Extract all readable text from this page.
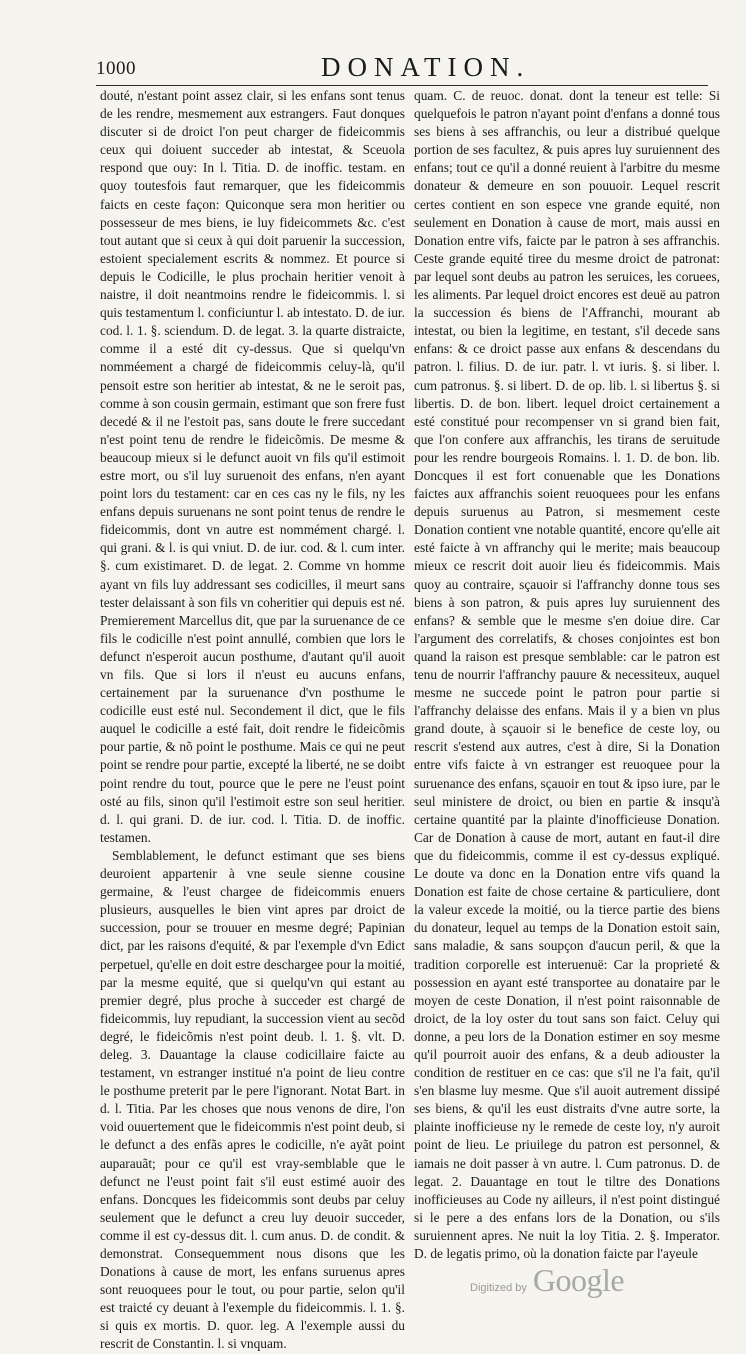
1000	DONATION.

douté, n'estant point assez clair, si les enfans sont tenus de les rendre, mesmement aux estrangers. Faut donques discuter si de droict l'on peut charger de fideicommis ceux qui doiuent succeder ab intestat, & Sceuola respond que ouy: In l. Titia. D. de inoffic. testam. en quoy toutesfois faut remarquer, que les fideicommis faicts en ceste façon: Quiconque sera mon heritier ou possesseur de mes biens, ie luy fideicommets &c. c'est tout autant que si ceux à qui doit paruenir la succession, estoient specialement escrits & nommez. Et pource si depuis le Codicille, le plus prochain heritier venoit à naistre, il doit neantmoins rendre le fideicommis. l. si quis testamentum l. conficiuntur l. ab intestato. D. de iur. cod. l. 1. §. sciendum. D. de legat. 3. la quarte distraicte, comme il a esté dit cy-dessus. Que si quelqu'vn nomméement a chargé de fideicommis celuy-là, qu'il pensoit estre son heritier ab intestat, & ne le seroit pas, comme à son cousin germain, estimant que son frere fust decedé & il ne l'estoit pas, sans doute le frere succedant n'est point tenu de rendre le fideicõmis. De mesme & beaucoup mieux si le defunct auoit vn fils qu'il estimoit estre mort, ou s'il luy suruenoit des enfans, n'en ayant point lors du testament: car en ces cas ny le fils, ny les enfans depuis suruenans ne sont point tenus de rendre le fideicommis, dont vn autre est nommément chargé. l. qui grani. & l. is qui vniut. D. de iur. cod. & l. cum inter. §. cum existimaret. D. de legat. 2. Comme vn homme ayant vn fils luy addressant ses codicilles, il meurt sans tester delaissant à son fils vn coheritier qui depuis est né. Premierement Marcellus dit, que par la suruenance de ce fils le codicille n'est point annullé, combien que lors le defunct n'esperoit aucun posthume, d'autant qu'il auoit vn fils. Que si lors il n'eust eu aucuns enfans, certainement par la suruenance d'vn posthume le codicille eust esté nul. Secondement il dict, que le fils auquel le codicille a esté fait, doit rendre le fideicõmis pour partie, & nõ point le posthume. Mais ce qui ne peut point se rendre pour partie, excepté la liberté, ne se doibt point rendre du tout, pource que le pere ne l'eust point osté au fils, sinon qu'il l'estimoit estre son seul heritier. d. l. qui grani. D. de iur. cod. l. Titia. D. de inoffic. testamen.

Semblablement, le defunct estimant que ses biens deuroient appartenir à vne seule sienne cousine germaine, & l'eust chargee de fideicommis enuers plusieurs, ausquelles le bien vint apres par droict de succession, pour se trouuer en mesme degré; Papinian dict, par les raisons d'equité, & par l'exemple d'vn Edict perpetuel, qu'elle en doit estre deschargee pour la moitié, par la mesme equité, que si quelqu'vn qui estant au premier degré, plus proche à succeder est chargé de fideicommis, luy repudiant, la succession vient au secõd degré, le fideicõmis n'est point deub. l. 1. §. vlt. D. deleg. 3. Dauantage la clause codicillaire faicte au testament, vn estranger institué n'a point de lieu contre le posthume preterit par le pere l'ignorant. Notat Bart. in d. l. Titia. Par les choses que nous venons de dire, l'on void ouuertement que le fideicommis n'est point deub, si le defunct a des enfãs apres le codicille, n'e ayãt point auparauãt; pour ce qu'il est vray-semblable que le defunct ne l'eust point fait s'il eust estimé auoir des enfans. Doncques les fideicommis sont deubs par celuy seulement que le defunct a creu luy deuoir succeder, comme il est cy-dessus dit. l. cum anus. D. de condit. & demonstrat. Consequemment nous disons que les Donations à cause de mort, les enfans suruenus apres sont reuoquees pour le tout, ou pour partie, selon qu'il est traicté cy deuant à l'exemple du fideicommis. l. 1. §. si quis ex mortis. D. quor. leg. A l'exemple aussi du rescrit de Constantin. l. si vnquam.

quam. C. de reuoc. donat. dont la teneur est telle: Si quelquefois le patron n'ayant point d'enfans a donné tous ses biens à ses affranchis, ou leur a distribué quelque portion de ses facultez, & puis apres luy suruiennent des enfans; tout ce qu'il a donné reuient à l'arbitre du mesme donateur & demeure en son pouuoir. Lequel rescrit certes contient en son espece vne grande equité, non seulement en Donation à cause de mort, mais aussi en Donation entre vifs, faicte par le patron à ses affranchis. Ceste grande equité tiree du mesme droict de patronat: par lequel sont deubs au patron les seruices, les coruees, les aliments. Par lequel droict encores est deuë au patron la succession és biens de l'Affranchi, mourant ab intestat, ou bien la legitime, en testant, s'il decede sans enfans: & ce droict passe aux enfans & descendans du patron. l. filius. D. de iur. patr. l. vt iuris. §. si liber. l. cum patronus. §. si libert. D. de op. lib. l. si libertus §. si libertis. D. de bon. libert. lequel droict certainement a esté constitué pour recompenser vn si grand bien fait, que l'on confere aux affranchis, les tirans de seruitude pour les rendre bourgeois Romains. l. 1. D. de bon. lib. Doncques il est fort conuenable que les Donations faictes aux affranchis soient reuoquees pour les enfans depuis suruenus au Patron, si mesmement ceste Donation contient vne notable quantité, encore qu'elle ait esté faicte à vn affranchy qui le merite; mais beaucoup mieux ce rescrit doit auoir lieu és fideicommis. Mais quoy au contraire, sçauoir si l'affranchy donne tous ses biens à son patron, & puis apres luy suruiennent des enfans? & semble que le mesme s'en doiue dire. Car l'argument des correlatifs, & choses conjointes est bon quand la raison est presque semblable: car le patron est tenu de nourrir l'affranchy pauure & necessiteux, auquel mesme ne succede point le patron pour partie si l'affranchy delaisse des enfans. Mais il y a bien vn plus grand doute, à sçauoir si le benefice de ceste loy, ou rescrit s'estend aux autres, c'est à dire, Si la Donation entre vifs faicte à vn estranger est reuoquee pour la suruenance des enfans, sçauoir en tout & ipso iure, par le seul ministere de droict, ou bien en partie & insqu'à certaine quantité par la plainte d'inofficieuse Donation. Car de Donation à cause de mort, autant en faut-il dire que du fideicommis, comme il est cy-dessus expliqué. Le doute va donc en la Donation entre vifs quand la Donation est faite de chose certaine & particuliere, dont la valeur excede la moitié, ou la tierce partie des biens du donateur, lequel au temps de la Donation estoit sain, sans maladie, & sans soupçon d'aucun peril, & que la tradition corporelle est interuenuë: Car la proprieté & possession en ayant esté transportee au donataire par le moyen de ceste Donation, il n'est point raisonnable de droict, de la loy oster du tout sans son faict. Celuy qui donne, a peu lors de la Donation estimer en soy mesme qu'il pourroit auoir des enfans, & a deub adiouster la condition de restituer en ce cas: que s'il ne l'a fait, qu'il s'en blasme luy mesme. Que s'il auoit autrement dissipé ses biens, & qu'il les eust distraits d'vne autre sorte, la plainte inofficieuse ny le remede de ceste loy, n'y auroit point de lieu. Le priuilege du patron est personnel, & iamais ne doit passer à vn autre. l. Cum patronus. D. de legat. 2. Dauantage en tout le tiltre des Donations inofficieuses au Code ny ailleurs, il n'est point distingué si le pere a des enfans lors de la Donation, ou s'ils suruiennent apres. Ne nuit la loy Titia. 2. §. Imperator. D. de legatis primo, où la donation faicte par l'ayeule

Digitized by Google
